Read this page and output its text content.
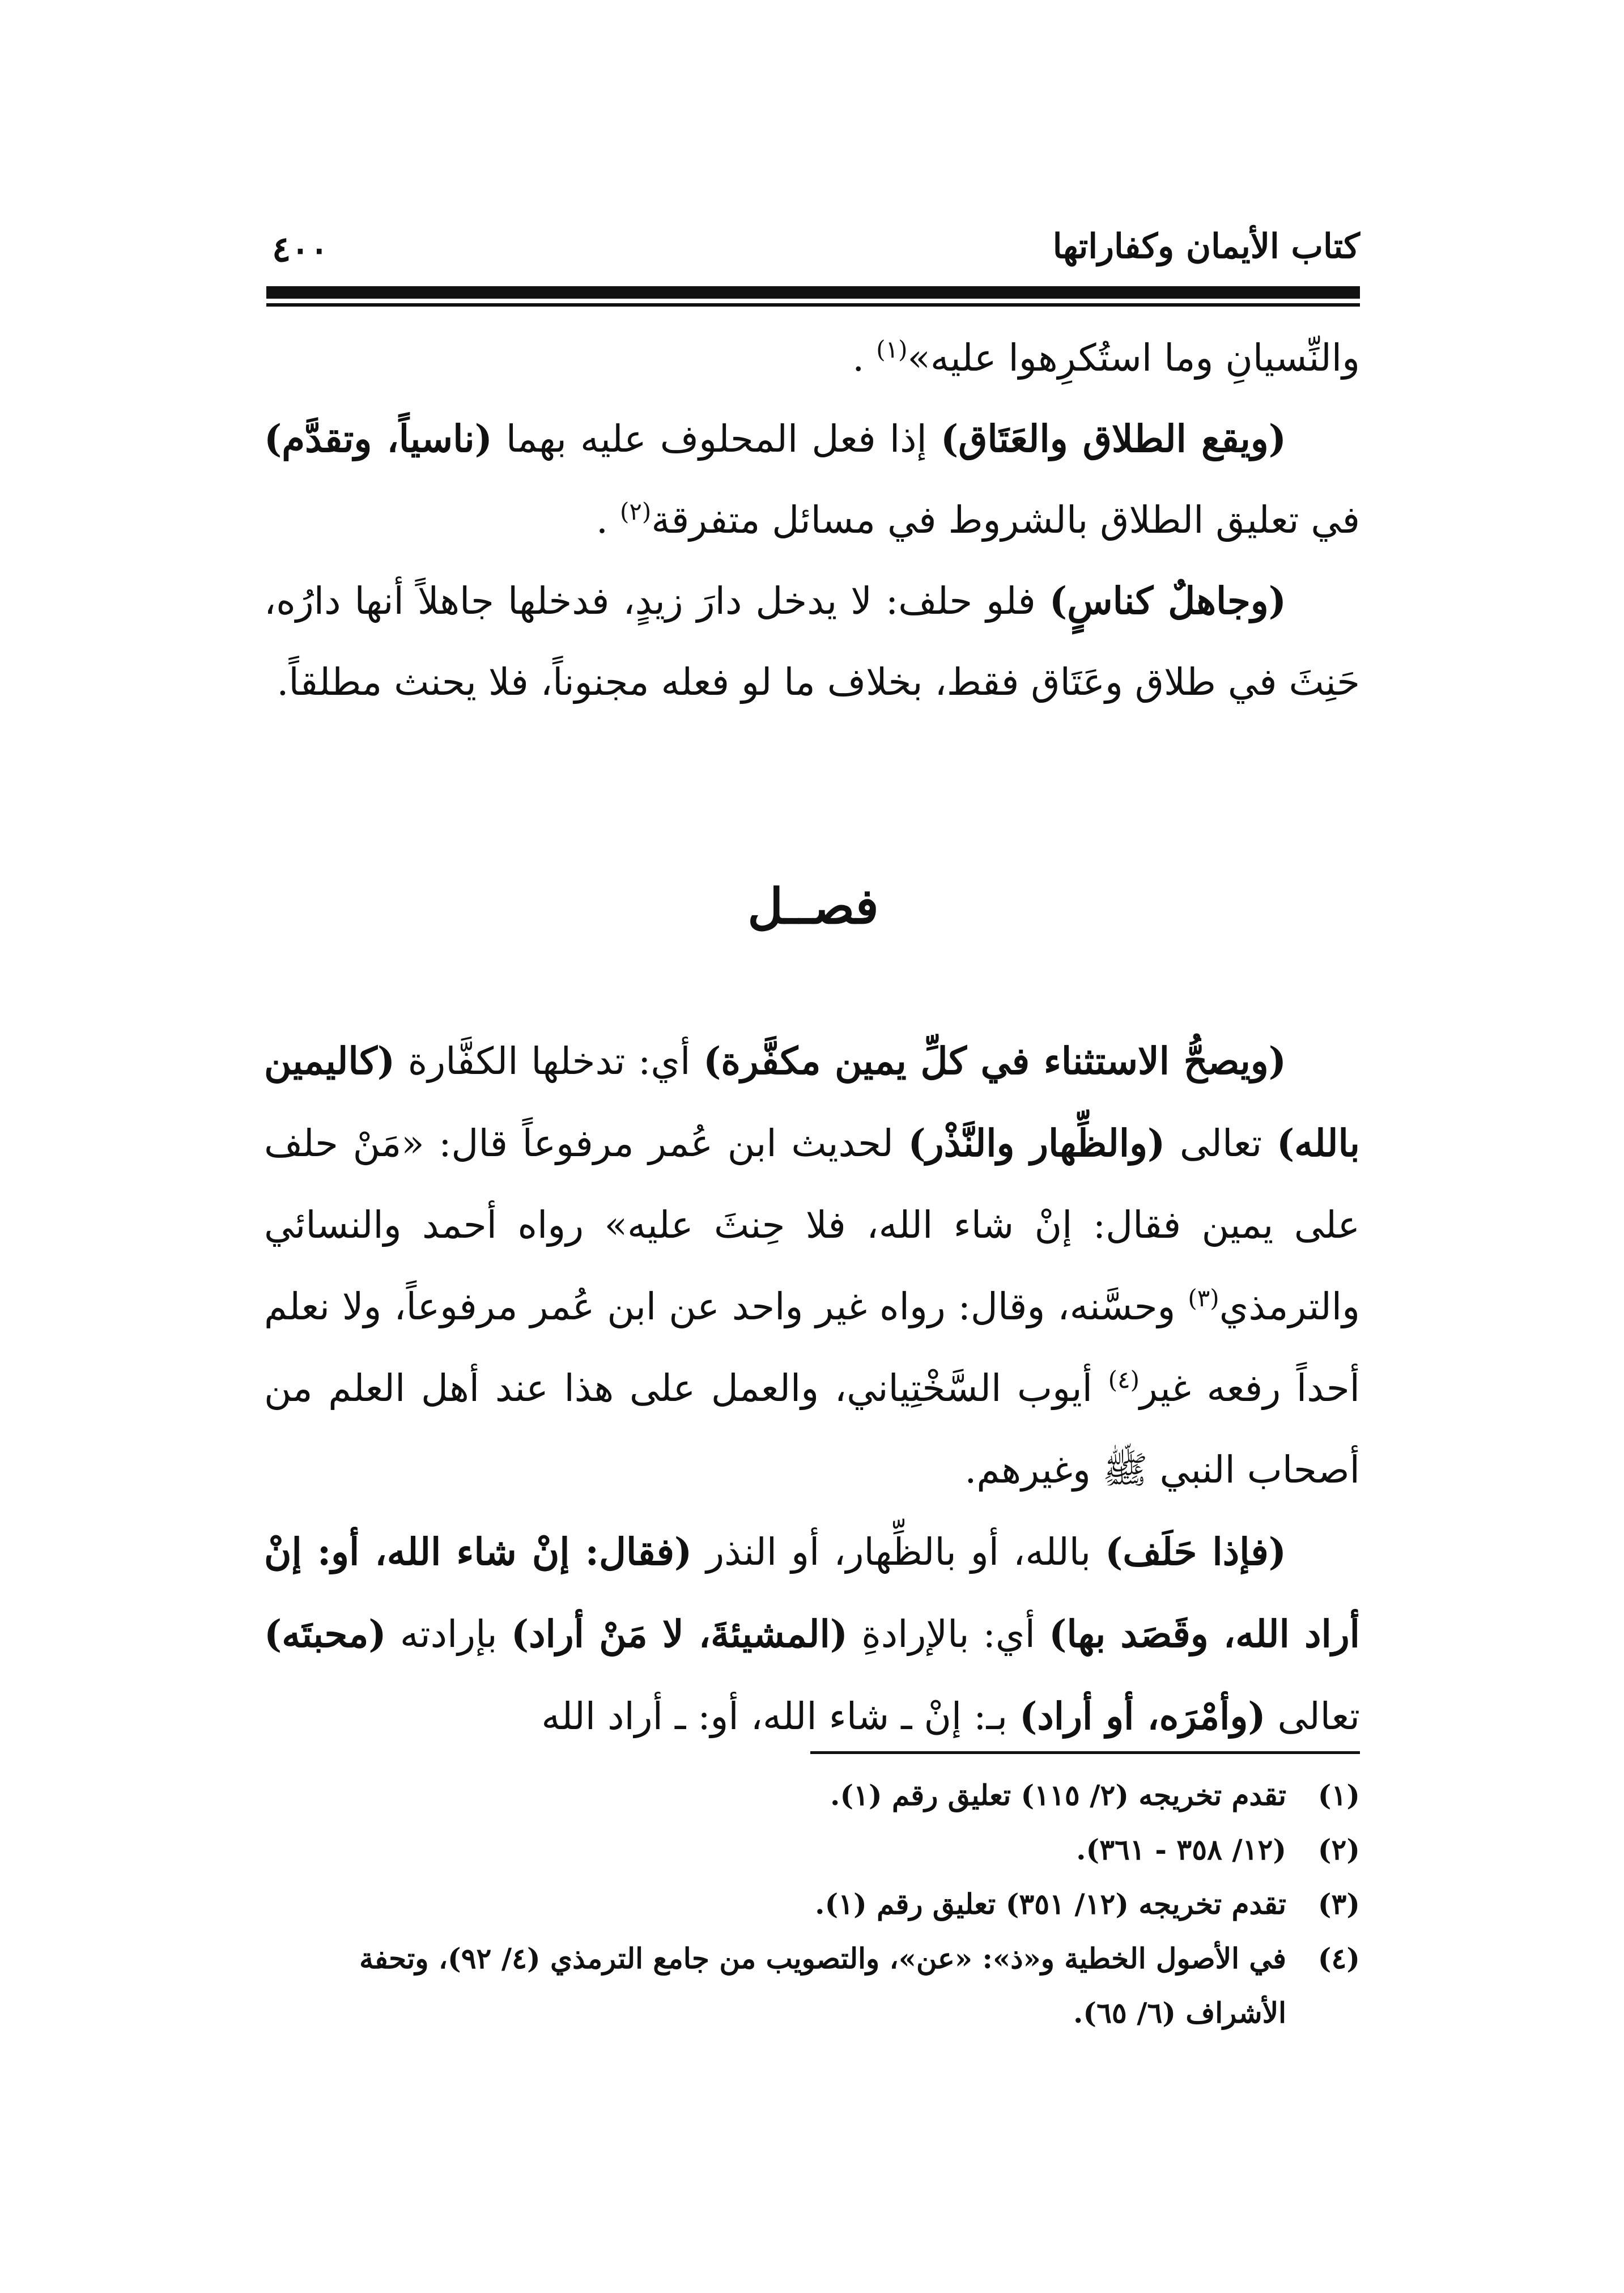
كتاب الأيمان وكفاراتها
٤٠٠

والنِّسيانِ وما استُكرِهوا عليه»$^{(١)}$ .

(ويقع الطلاق والعَتَاق) إذا فعل المحلوف عليه بهما (ناسياً، وتقدَّم) في تعليق الطلاق بالشروط في مسائل متفرقة$^{(٢)}$ .

(وجاهلٌ كناسٍ) فلو حلف: لا يدخل دارَ زيدٍ، فدخلها جاهلاً أنها دارُه، حَنِثَ في طلاق وعَتَاق فقط، بخلاف ما لو فعله مجنوناً، فلا يحنث مطلقاً.

فصــل

(ويصحُّ الاستثناء في كلِّ يمين مكفَّرة) أي: تدخلها الكفَّارة (كاليمين بالله) تعالى (والظِّهار والنَّذْر) لحديث ابن عُمر مرفوعاً قال: «مَنْ حلف على يمين فقال: إنْ شاء الله، فلا حِنثَ عليه» رواه أحمد والنسائي والترمذي$^{(٣)}$ وحسَّنه، وقال: رواه غير واحد عن ابن عُمر مرفوعاً، ولا نعلم أحداً رفعه غير$^{(٤)}$ أيوب السَّخْتِياني، والعمل على هذا عند أهل العلم من أصحاب النبي ﷺ وغيرهم.

(فإذا حَلَف) بالله، أو بالظِّهار، أو النذر (فقال: إنْ شاء الله، أو: إنْ أراد الله، وقَصَد بها) أي: بالإرادةِ (المشيئةَ، لا مَنْ أراد) بإرادته (محبتَه) تعالى (وأمْرَه، أو أراد) بـ: إنْ ـ شاء الله، أو: ـ أراد الله

(١)
تقدم تخريجه (٢/ ١١٥) تعليق رقم (١).
(٢)
(١٢/ ٣٥٨ - ٣٦١).
(٣)
تقدم تخريجه (١٢/ ٣٥١) تعليق رقم (١).
(٤)
في الأصول الخطية و«ذ»: «عن»، والتصويب من جامع الترمذي (٤/ ٩٢)، وتحفة الأشراف (٦/ ٦٥).
